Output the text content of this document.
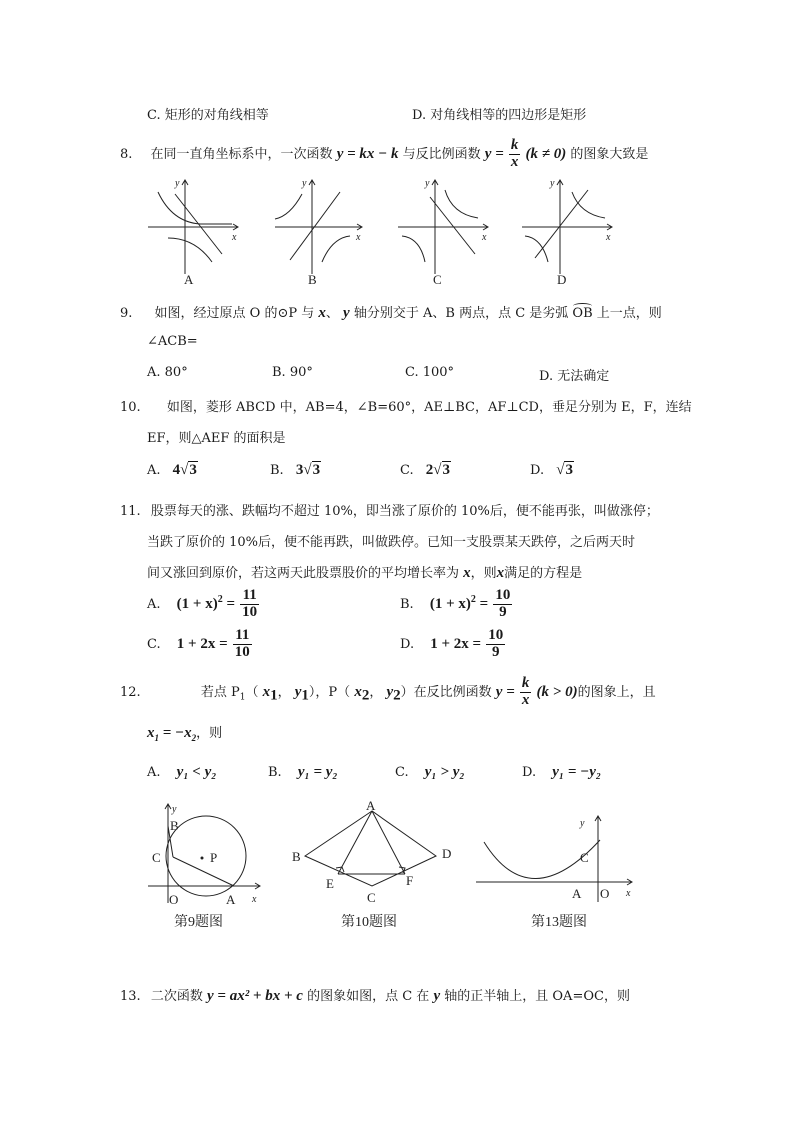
C. 矩形的对角线相等	D. 对角线相等的四边形是矩形
8. 在同一直角坐标系中，一次函数 y = kx − k 与反比例函数 $y = \frac{k}{x} (k \ne 0)$ 的图象大致是
y
x
y
x
y
x
y
x
A	B	C	D
9. 如图，经过原点 O 的⊙P 与 x、 y 轴分别交于 A、B 两点，点 C 是劣弧 OB 上一点，则
∠ACB=
A. 80°	B. 90°	C. 100°	D. 无法确定
10. 如图，菱形 ABCD 中，AB=4，∠B=60°，AE⊥BC，AF⊥CD，垂足分别为 E，F，连结
EF，则△AEF 的面积是
A. 4√3	B. 3√3	C. 2√3	D. √3
11. 股票每天的涨、跌幅均不超过 10%，即当涨了原价的 10%后，便不能再张，叫做涨停；
当跌了原价的 10%后，便不能再跌，叫做跌停。已知一支股票某天跌停，之后两天时
间又涨回到原价，若这两天此股票股价的平均增长率为 x，则x满足的方程是
A. $(1 + x)^2 = \frac{11}{10}$	B. $(1 + x)^2 = \frac{10}{9}$
C. $1 + 2x = \frac{11}{10}$	D. $1 + 2x = \frac{10}{9}$
12.	若点 $P_1$（ $x_1$， $y_1$），P（ $x_2$， $y_2$）在反比例函数 $y = \frac{k}{x} (k > 0)$的图象上，且
$x_1 = -x_2$，则
A. y₁ < y₂	B. y₁ = y₂	C. y₁ > y₂	D. y₁ = −y₂
y
x
B
C	P
O	A
第9题图
A
B
C
D
E	F
第10题图
y
x
C
A O
第13题图
13. 二次函数 y = ax² + bx + c 的图象如图，点 C 在 y 轴的正半轴上，且 OA=OC，则
